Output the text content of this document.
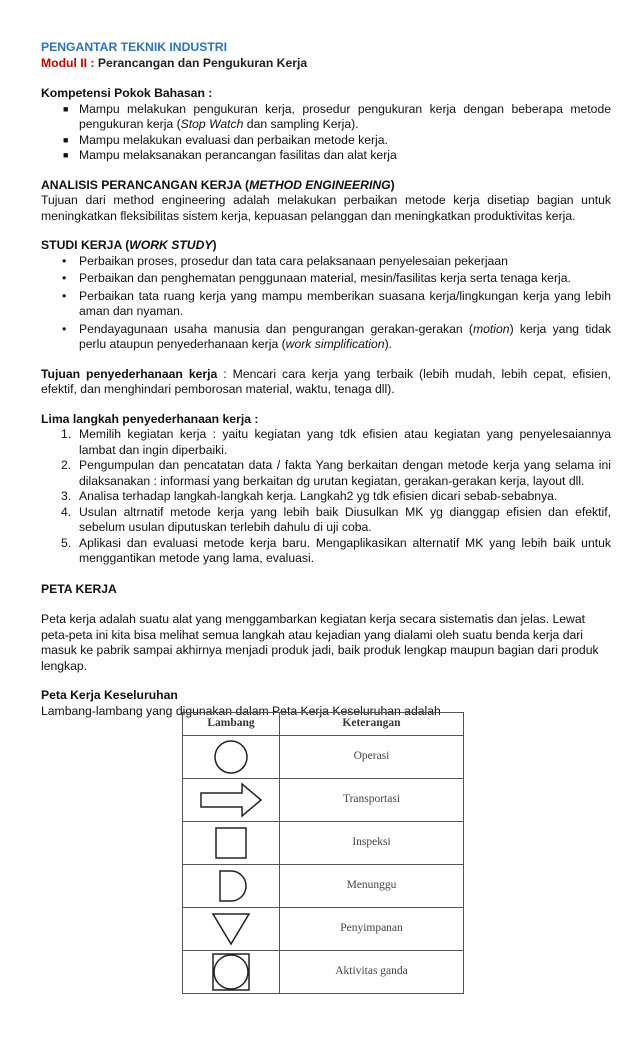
PENGANTAR TEKNIK INDUSTRI
Modul II : Perancangan dan Pengukuran Kerja
Kompetensi Pokok Bahasan :
■ Mampu melakukan pengukuran kerja, prosedur pengukuran kerja dengan beberapa metode pengukuran kerja (Stop Watch dan sampling Kerja).
■ Mampu melakukan evaluasi dan perbaikan metode kerja.
■ Mampu melaksanakan perancangan fasilitas dan alat kerja
ANALISIS PERANCANGAN KERJA (METHOD ENGINEERING)
Tujuan dari method engineering adalah melakukan perbaikan metode kerja disetiap bagian untuk meningkatkan fleksibilitas sistem kerja, kepuasan pelanggan dan meningkatkan produktivitas kerja.
STUDI KERJA (WORK STUDY)
• Perbaikan proses, prosedur dan tata cara pelaksanaan penyelesaian pekerjaan
• Perbaikan dan penghematan penggunaan material, mesin/fasilitas kerja serta tenaga kerja.
• Perbaikan tata ruang kerja yang mampu memberikan suasana kerja/lingkungan kerja yang lebih aman dan nyaman.
• Pendayagunaan usaha manusia dan pengurangan gerakan-gerakan (motion) kerja yang tidak perlu ataupun penyederhanaan kerja (work simplification).
Tujuan penyederhanaan kerja : Mencari cara kerja yang terbaik (lebih mudah, lebih cepat, efisien, efektif, dan menghindari pemborosan material, waktu, tenaga dll).
Lima langkah penyederhanaan kerja :
1. Memilih kegiatan kerja : yaitu kegiatan yang tdk efisien atau kegiatan yang penyelesaiannya lambat dan ingin diperbaiki.
2. Pengumpulan dan pencatatan data / fakta Yang berkaitan dengan metode kerja yang selama ini dilaksanakan : informasi yang berkaitan dg urutan kegiatan, gerakan-gerakan kerja, layout dll.
3. Analisa terhadap langkah-langkah kerja. Langkah2 yg tdk efisien dicari sebab-sebabnya.
4. Usulan altrnatif metode kerja yang lebih baik Diusulkan MK yg dianggap efisien dan efektif, sebelum usulan diputuskan terlebih dahulu di uji coba.
5. Aplikasi dan evaluasi metode kerja baru. Mengaplikasikan alternatif MK yang lebih baik untuk menggantikan metode yang lama, evaluasi.
PETA KERJA
Peta kerja adalah suatu alat yang menggambarkan kegiatan kerja secara sistematis dan jelas. Lewat peta-peta ini kita bisa melihat semua langkah atau kejadian yang dialami oleh suatu benda kerja dari masuk ke pabrik sampai akhirnya menjadi produk jadi, baik produk lengkap maupun bagian dari produk lengkap.
Peta Kerja Keseluruhan
Lambang-lambang yang digunakan dalam Peta Kerja Keseluruhan adalah
Lambang	Keterangan

	Operasi

	Transportasi

	Inspeksi

	Menunggu

	Penyimpanan

	Aktivitas ganda
